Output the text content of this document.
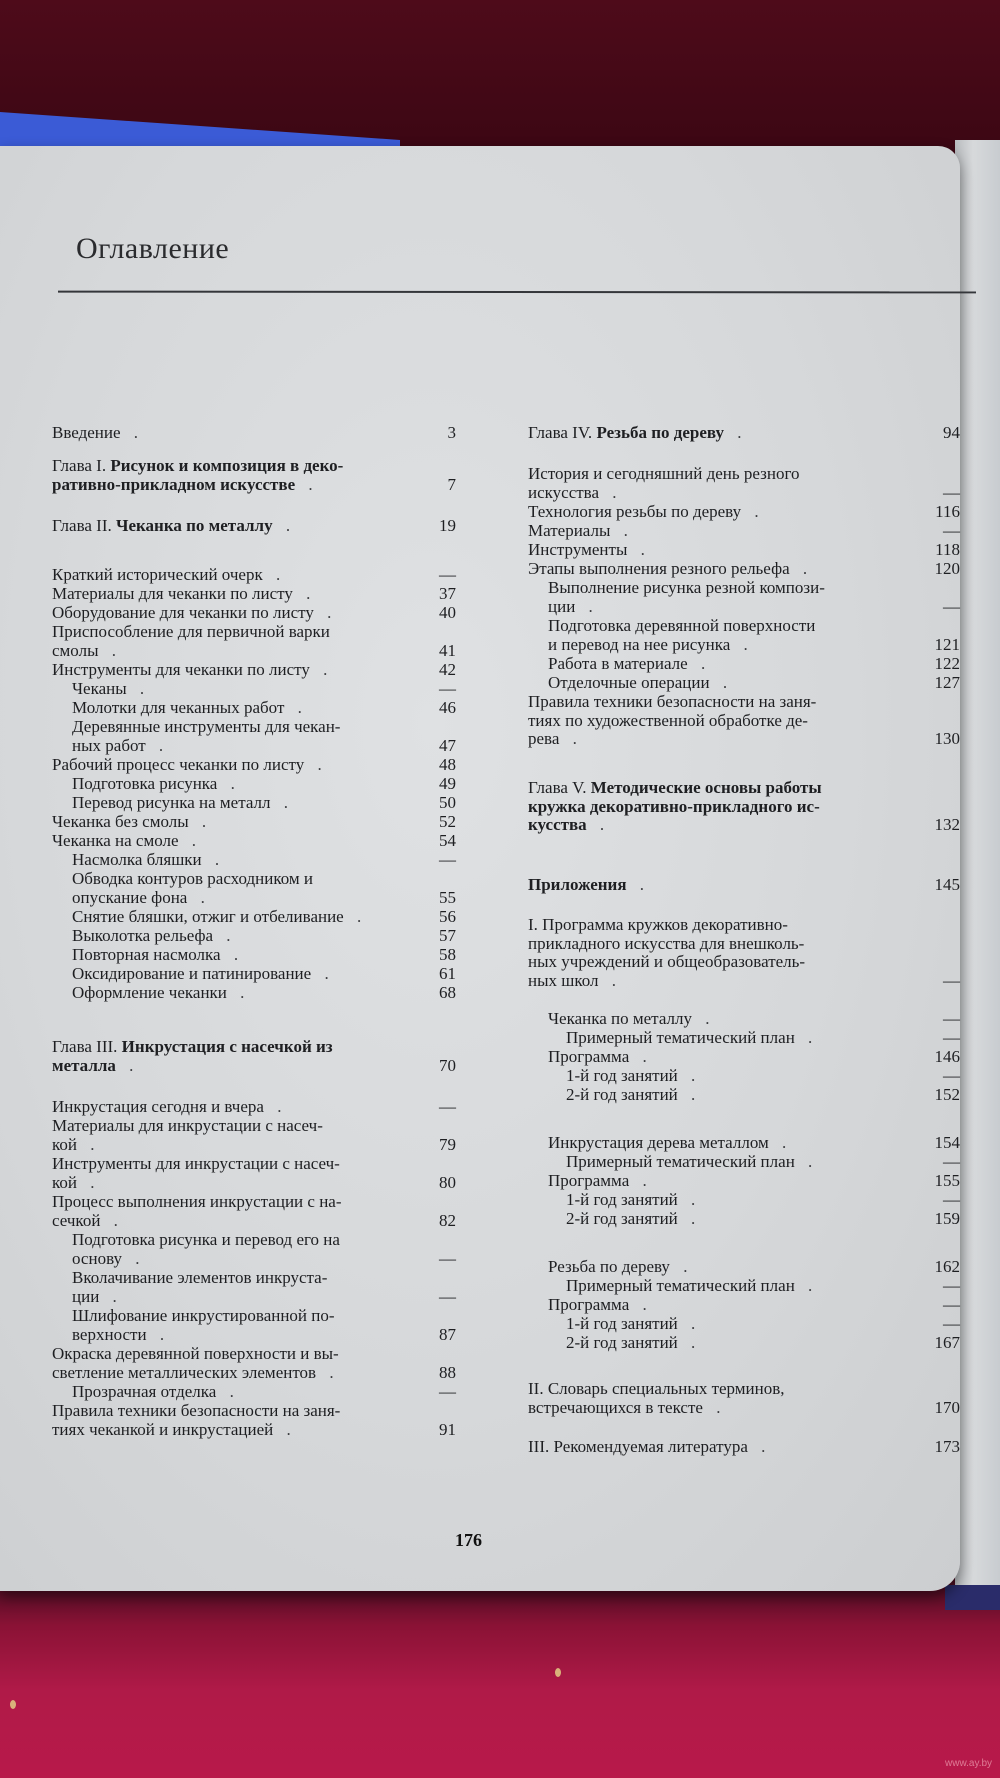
Оглавление
Введение .	3
Глава I. Рисунок и композиция в деко-
ративно-прикладном искусстве .	7
Глава II. Чеканка по металлу .	19
Краткий исторический очерк .	—
Материалы для чеканки по листу .	37
Оборудование для чеканки по листу .	40
Приспособление для первичной варки
смолы .	41
Инструменты для чеканки по листу .	42
Чеканы .	—
Молотки для чеканных работ .	46
Деревянные инструменты для чекан-
ных работ .	47
Рабочий процесс чеканки по листу .	48
Подготовка рисунка .	49
Перевод рисунка на металл .	50
Чеканка без смолы .	52
Чеканка на смоле .	54
Насмолка бляшки .	—
Обводка контуров расходником и
опускание фона .	55
Снятие бляшки, отжиг и отбеливание .	56
Выколотка рельефа .	57
Повторная насмолка .	58
Оксидирование и патинирование .	61
Оформление чеканки .	68
Глава III. Инкрустация с насечкой из
металла .	70
Инкрустация сегодня и вчера .	—
Материалы для инкрустации с насеч-
кой .	79
Инструменты для инкрустации с насеч-
кой .	80
Процесс выполнения инкрустации с на-
сечкой .	82
Подготовка рисунка и перевод его на
основу .	—
Вколачивание элементов инкруста-
ции .	—
Шлифование инкрустированной по-
верхности .	87
Окраска деревянной поверхности и вы-
светление металлических элементов .	88
Прозрачная отделка .	—
Правила техники безопасности на заня-
тиях чеканкой и инкрустацией .	91
Глава IV. Резьба по дереву .	94
История и сегодняшний день резного
искусства .	—
Технология резьбы по дереву .	116
Материалы .	—
Инструменты .	118
Этапы выполнения резного рельефа .	120
Выполнение рисунка резной компози-
ции .	—
Подготовка деревянной поверхности
и перевод на нее рисунка .	121
Работа в материале .	122
Отделочные операции .	127
Правила техники безопасности на заня-
тиях по художественной обработке де-
рева .	130
Глава V. Методические основы работы
кружка декоративно-прикладного ис-
кусства .	132
Приложения .	145
I. Программа кружков декоративно-
прикладного искусства для внешколь-
ных учреждений и общеобразователь-
ных школ .	—
Чеканка по металлу .	—
Примерный тематический план .	—
Программа .	146
1-й год занятий .	—
2-й год занятий .	152
Инкрустация дерева металлом .	154
Примерный тематический план .	—
Программа .	155
1-й год занятий .	—
2-й год занятий .	159
Резьба по дереву .	162
Примерный тематический план .	—
Программа .	—
1-й год занятий .	—
2-й год занятий .	167
II. Словарь специальных терминов,
встречающихся в тексте .	170
III. Рекомендуемая литература .	173
176
www.ay.by
